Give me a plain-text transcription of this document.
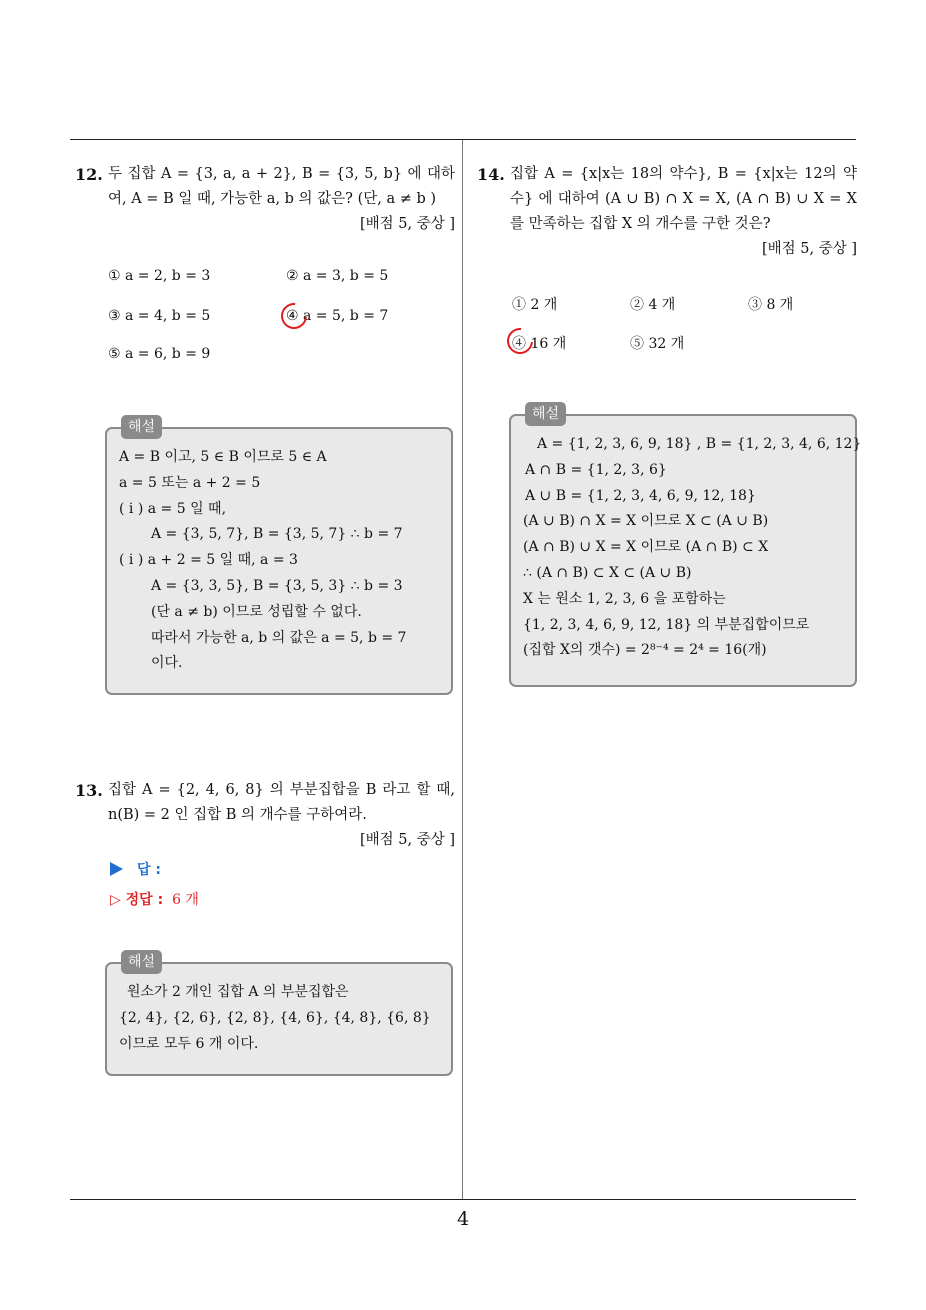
4
12. 두 집합 A = {3, a, a + 2}, B = {3, 5, b} 에 대하여, A = B 일 때, 가능한 a, b 의 값은? (단, a ≠ b )
[배점 5, 중상 ]
① a = 2, b = 3	② a = 3, b = 5
③ a = 4, b = 5	④ a = 5, b = 7
⑤ a = 6, b = 9
해설
A = B 이고, 5 ∈ B 이므로 5 ∈ A
a = 5 또는 a + 2 = 5
( i ) a = 5 일 때,
A = {3, 5, 7}, B = {3, 5, 7} ∴ b = 7
( i ) a + 2 = 5 일 때, a = 3
A = {3, 3, 5}, B = {3, 5, 3} ∴ b = 3
(단 a ≠ b) 이므로 성립할 수 없다.
따라서 가능한 a, b 의 값은 a = 5, b = 7
이다.
13. 집합 A = {2, 4, 6, 8} 의 부분집합을 B 라고 할 때, n(B) = 2 인 집합 B 의 개수를 구하여라.
[배점 5, 중상 ]
답 :
▷ 정답 : 6 개
해설
원소가 2 개인 집합 A 의 부분집합은
{2, 4}, {2, 6}, {2, 8}, {4, 6}, {4, 8}, {6, 8}
이므로 모두 6 개 이다.
14. 집합 A = {x|x는 18의 약수}, B = {x|x는 12의 약수} 에 대하여 (A ∪ B) ∩ X = X, (A ∩ B) ∪ X = X 를 만족하는 집합 X 의 개수를 구한 것은?
[배점 5, 중상 ]
① 2 개	② 4 개	③ 8 개
④ 16 개	⑤ 32 개
해설
A = {1, 2, 3, 6, 9, 18} , B = {1, 2, 3, 4, 6, 12}
A ∩ B = {1, 2, 3, 6}
A ∪ B = {1, 2, 3, 4, 6, 9, 12, 18}
(A ∪ B) ∩ X = X 이므로 X ⊂ (A ∪ B)
(A ∩ B) ∪ X = X 이므로 (A ∩ B) ⊂ X
∴ (A ∩ B) ⊂ X ⊂ (A ∪ B)
X 는 원소 1, 2, 3, 6 을 포함하는
{1, 2, 3, 4, 6, 9, 12, 18} 의 부분집합이므로
(집합 X의 갯수) = 2⁸⁻⁴ = 2⁴ = 16(개)
